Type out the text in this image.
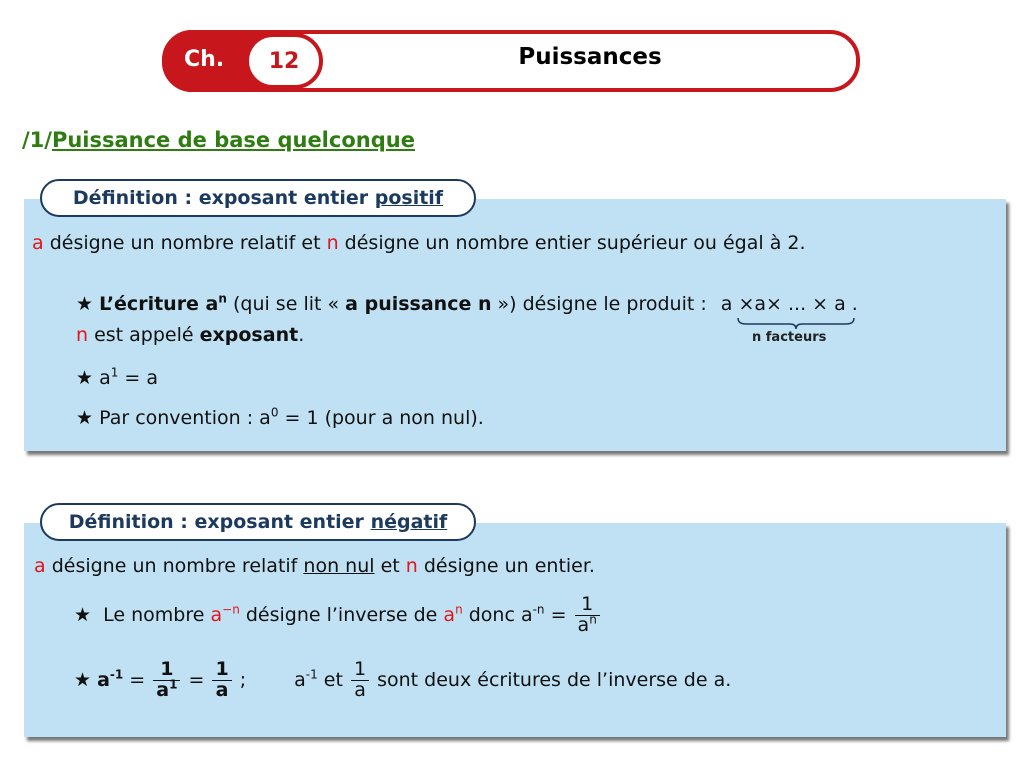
Ch.	12	Puissances
/1/Puissance de base quelconque
Définition : exposant entier
positif
a désigne un nombre relatif et n désigne un nombre entier supérieur ou égal à 2.
★ L’écriture $a^n$ (qui se lit « a puissance n ») désigne le produit : a ×a× ... × a .
n facteurs
n est appelé exposant.
★ $a^1 = a$
★ Par convention : $a^0 = 1$ (pour a non nul).
Définition : exposant entier
négatif
a désigne un nombre relatif non nul et n désigne un entier.
★ Le nombre $a^{-n}$ désigne l’inverse de $a^n$ donc $a^{-n} = \frac{1}{a^n}$
★ $a^{-1} = \frac{1}{a^1} = \frac{1}{a}$ ;	$a^{-1}$ et $\frac{1}{a}$ sont deux écritures de l’inverse de a.
